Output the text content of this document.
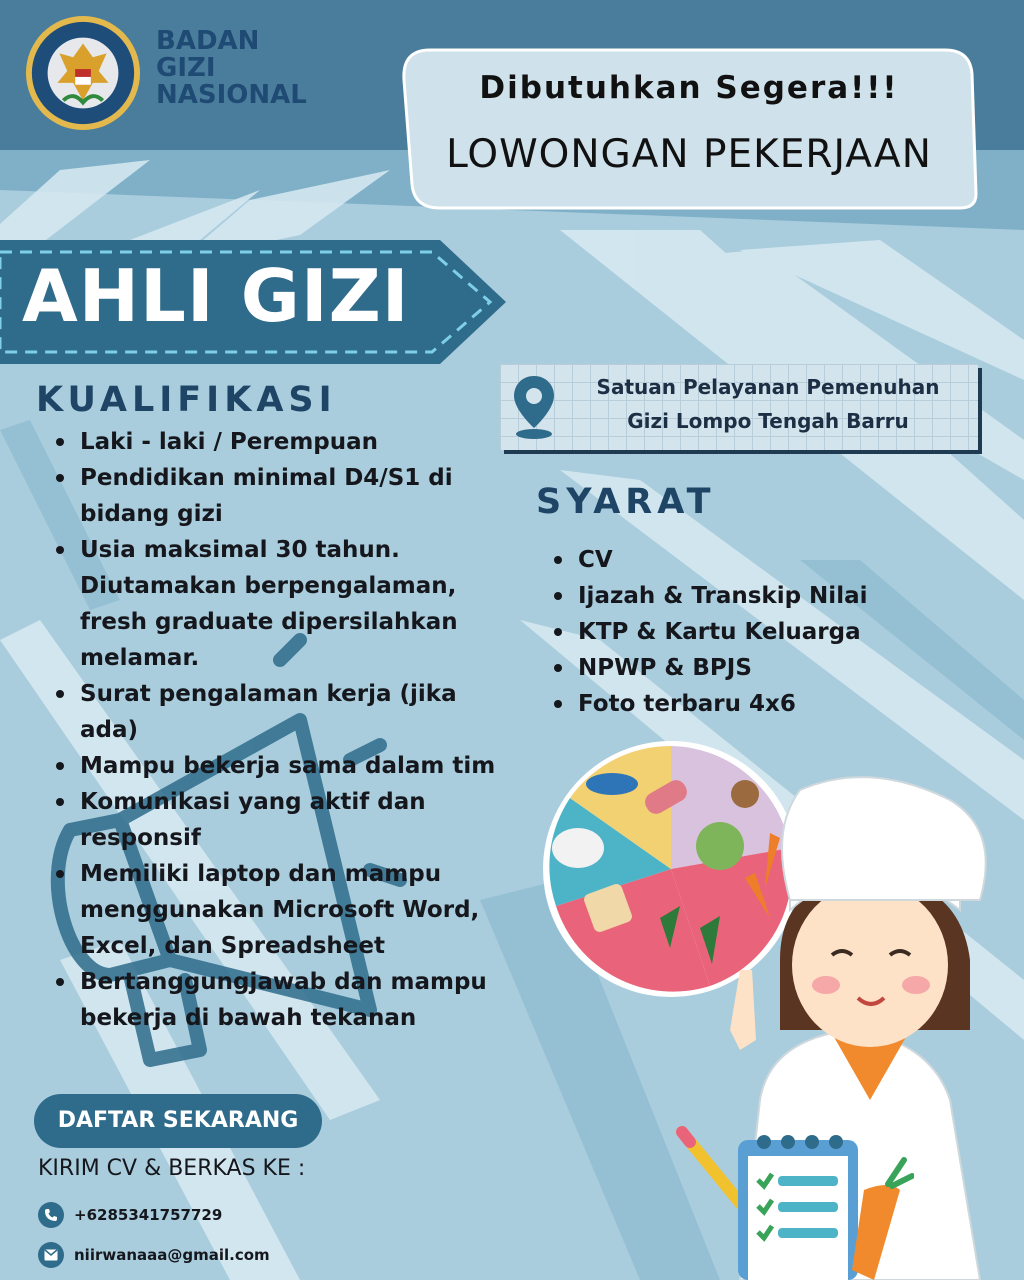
BADAN
GIZI
NASIONAL	Dibutuhkan Segera!!!
LOWONGAN PEKERJAAN
AHLI GIZI
Satuan Pelayanan Pemenuhan
Gizi Lompo Tengah Barru
KUALIFIKASI
Laki - laki / Perempuan
Pendidikan minimal D4/S1 di bidang gizi
Usia maksimal 30 tahun. Diutamakan berpengalaman, fresh graduate dipersilahkan melamar.
Surat pengalaman kerja (jika ada)
Mampu bekerja sama dalam tim
Komunikasi yang aktif dan responsif
Memiliki laptop dan mampu menggunakan Microsoft Word, Excel, dan Spreadsheet
Bertanggungjawab dan mampu bekerja di bawah tekanan
SYARAT
CV
Ijazah & Transkip Nilai
KTP & Kartu Keluarga
NPWP & BPJS
Foto terbaru 4x6
DAFTAR SEKARANG
KIRIM CV & BERKAS KE :
+6285341757729
niirwanaaa@gmail.com
